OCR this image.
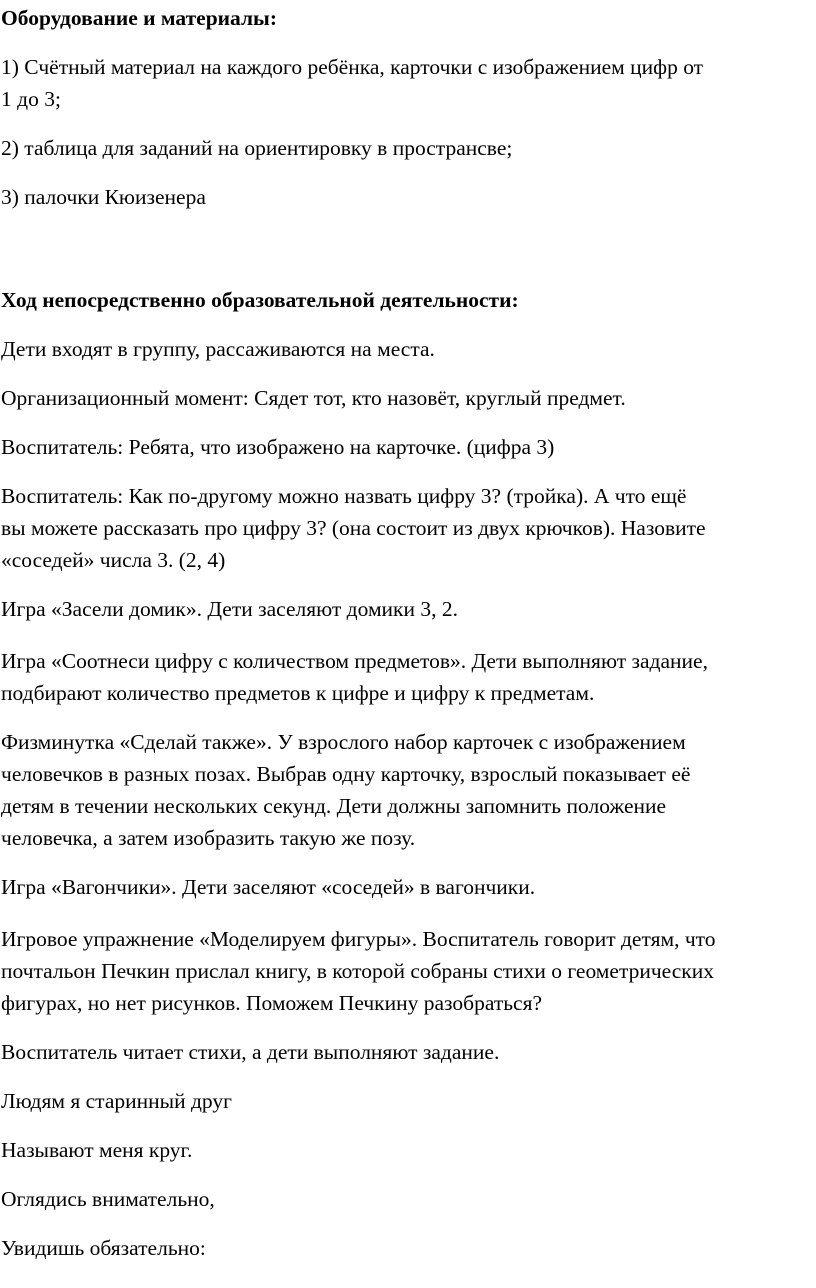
Оборудование и материалы:

1) Счётный материал на каждого ребёнка, карточки с изображением цифр от

1 до 3;

2) таблица для заданий на ориентировку в пространсве;

3) палочки Кюизенера

Ход непосредственно образовательной деятельности:

Дети входят в группу, рассаживаются на места.

Организационный момент: Сядет тот, кто назовёт, круглый предмет.

Воспитатель: Ребята, что изображено на карточке. (цифра 3)

Воспитатель: Как по-другому можно назвать цифру 3? (тройка). А что ещё

вы можете рассказать про цифру 3? (она состоит из двух крючков). Назовите

«соседей» числа 3. (2, 4)

Игра «Засели домик». Дети заселяют домики 3, 2.

Игра «Соотнеси цифру с количеством предметов». Дети выполняют задание,

подбирают количество предметов к цифре и цифру к предметам.

Физминутка «Сделай также». У взрослого набор карточек с изображением

человечков в разных позах. Выбрав одну карточку, взрослый показывает её

детям в течении нескольких секунд. Дети должны запомнить положение

человечка, а затем изобразить такую же позу.

Игра «Вагончики». Дети заселяют «соседей» в вагончики.

Игровое упражнение «Моделируем фигуры». Воспитатель говорит детям, что

почтальон Печкин прислал книгу, в которой собраны стихи о геометрических

фигурах, но нет рисунков. Поможем Печкину разобраться?

Воспитатель читает стихи, а дети выполняют задание.

Людям я старинный друг

Называют меня круг.

Оглядись внимательно,

Увидишь обязательно:
